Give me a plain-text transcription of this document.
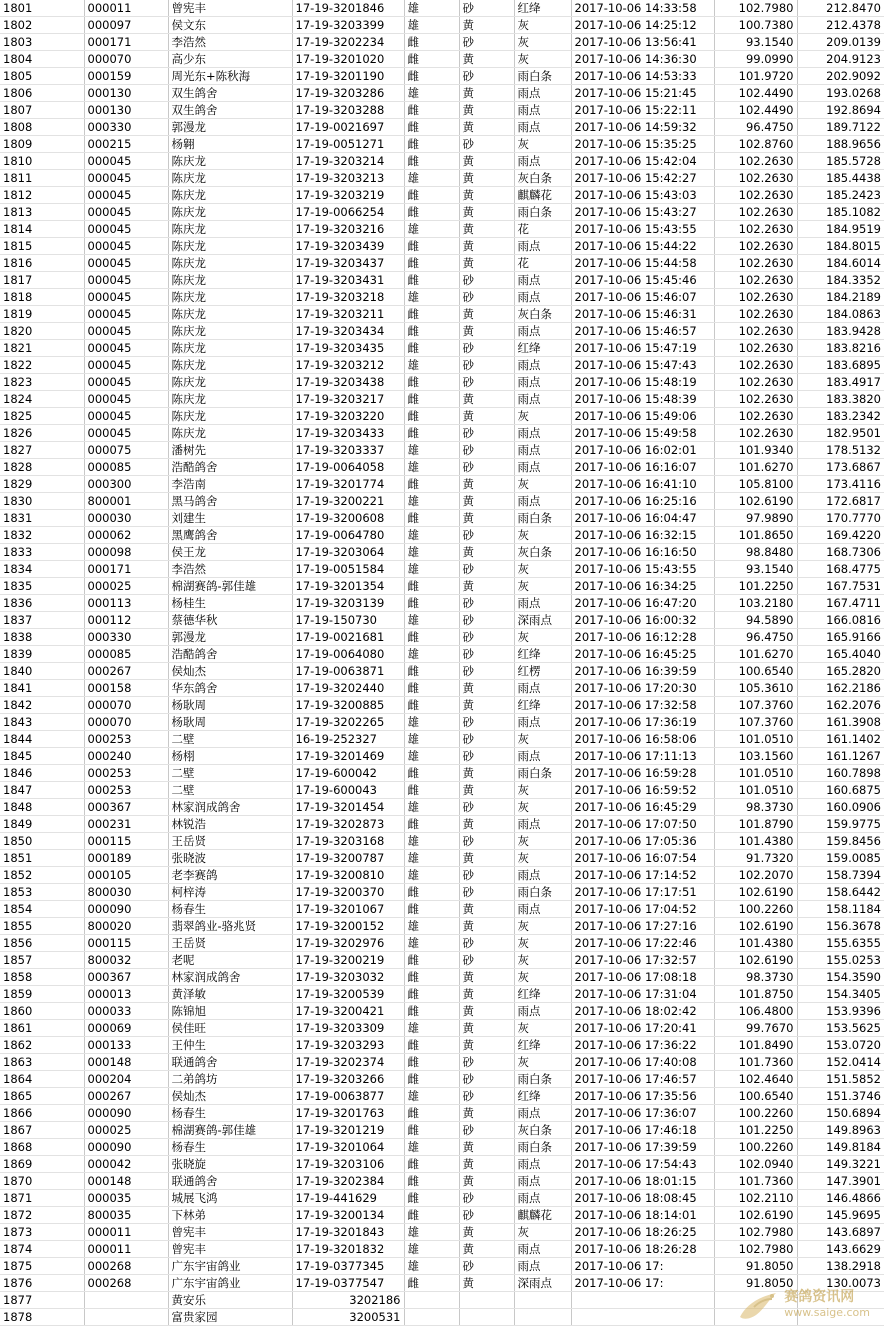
1801	000011	曾宪丰	17-19-3201846	雄	砂	红绛	2017-10-06 14:33:58	102.7980	212.8470
1802	000097	侯文东	17-19-3203399	雄	黄	灰	2017-10-06 14:25:12	100.7380	212.4378
1803	000171	李浩然	17-19-3202234	雌	砂	灰	2017-10-06 13:56:41	93.1540	209.0139
1804	000070	高少东	17-19-3201020	雌	黄	灰	2017-10-06 14:36:30	99.0990	204.9123
1805	000159	周光东+陈秋海	17-19-3201190	雌	砂	雨白条	2017-10-06 14:53:33	101.9720	202.9092
1806	000130	双生鸽舍	17-19-3203286	雄	黄	雨点	2017-10-06 15:21:45	102.4490	193.0268
1807	000130	双生鸽舍	17-19-3203288	雌	黄	雨点	2017-10-06 15:22:11	102.4490	192.8694
1808	000330	郭漫龙	17-19-0021697	雌	黄	雨点	2017-10-06 14:59:32	96.4750	189.7122
1809	000215	杨翱	17-19-0051271	雌	砂	灰	2017-10-06 15:35:25	102.8760	188.9656
1810	000045	陈庆龙	17-19-3203214	雌	黄	雨点	2017-10-06 15:42:04	102.2630	185.5728
1811	000045	陈庆龙	17-19-3203213	雄	黄	灰白条	2017-10-06 15:42:27	102.2630	185.4438
1812	000045	陈庆龙	17-19-3203219	雌	黄	麒麟花	2017-10-06 15:43:03	102.2630	185.2423
1813	000045	陈庆龙	17-19-0066254	雌	黄	雨白条	2017-10-06 15:43:27	102.2630	185.1082
1814	000045	陈庆龙	17-19-3203216	雄	黄	花	2017-10-06 15:43:55	102.2630	184.9519
1815	000045	陈庆龙	17-19-3203439	雌	黄	雨点	2017-10-06 15:44:22	102.2630	184.8015
1816	000045	陈庆龙	17-19-3203437	雌	黄	花	2017-10-06 15:44:58	102.2630	184.6014
1817	000045	陈庆龙	17-19-3203431	雌	砂	雨点	2017-10-06 15:45:46	102.2630	184.3352
1818	000045	陈庆龙	17-19-3203218	雄	砂	雨点	2017-10-06 15:46:07	102.2630	184.2189
1819	000045	陈庆龙	17-19-3203211	雌	黄	灰白条	2017-10-06 15:46:31	102.2630	184.0863
1820	000045	陈庆龙	17-19-3203434	雌	黄	雨点	2017-10-06 15:46:57	102.2630	183.9428
1821	000045	陈庆龙	17-19-3203435	雌	砂	红绛	2017-10-06 15:47:19	102.2630	183.8216
1822	000045	陈庆龙	17-19-3203212	雄	砂	雨点	2017-10-06 15:47:43	102.2630	183.6895
1823	000045	陈庆龙	17-19-3203438	雌	砂	雨点	2017-10-06 15:48:19	102.2630	183.4917
1824	000045	陈庆龙	17-19-3203217	雌	黄	雨点	2017-10-06 15:48:39	102.2630	183.3820
1825	000045	陈庆龙	17-19-3203220	雌	黄	灰	2017-10-06 15:49:06	102.2630	183.2342
1826	000045	陈庆龙	17-19-3203433	雌	砂	雨点	2017-10-06 15:49:58	102.2630	182.9501
1827	000075	潘树先	17-19-3203337	雄	砂	雨点	2017-10-06 16:02:01	101.9340	178.5132
1828	000085	浩酷鸽舍	17-19-0064058	雄	砂	雨点	2017-10-06 16:16:07	101.6270	173.6867
1829	000300	李浩南	17-19-3201774	雌	黄	灰	2017-10-06 16:41:10	105.8100	173.4116
1830	800001	黑马鸽舍	17-19-3200221	雄	黄	雨点	2017-10-06 16:25:16	102.6190	172.6817
1831	000030	刘建生	17-19-3200608	雌	黄	雨白条	2017-10-06 16:04:47	97.9890	170.7770
1832	000062	黑鹰鸽舍	17-19-0064780	雄	砂	灰	2017-10-06 16:32:15	101.8650	169.4220
1833	000098	侯王龙	17-19-3203064	雄	黄	灰白条	2017-10-06 16:16:50	98.8480	168.7306
1834	000171	李浩然	17-19-0051584	雄	砂	灰	2017-10-06 15:43:55	93.1540	168.4775
1835	000025	棉湖赛鸽-郭佳雄	17-19-3201354	雌	黄	灰	2017-10-06 16:34:25	101.2250	167.7531
1836	000113	杨桂生	17-19-3203139	雌	砂	雨点	2017-10-06 16:47:20	103.2180	167.4711
1837	000112	蔡德华秋	17-19-150730	雄	砂	深雨点	2017-10-06 16:00:32	94.5890	166.0816
1838	000330	郭漫龙	17-19-0021681	雌	砂	灰	2017-10-06 16:12:28	96.4750	165.9166
1839	000085	浩酷鸽舍	17-19-0064080	雄	砂	红绛	2017-10-06 16:45:25	101.6270	165.4040
1840	000267	侯灿杰	17-19-0063871	雌	砂	红楞	2017-10-06 16:39:59	100.6540	165.2820
1841	000158	华东鸽舍	17-19-3202440	雌	黄	雨点	2017-10-06 17:20:30	105.3610	162.2186
1842	000070	杨耿周	17-19-3200885	雌	黄	红绛	2017-10-06 17:32:58	107.3760	162.2076
1843	000070	杨耿周	17-19-3202265	雄	砂	雨点	2017-10-06 17:36:19	107.3760	161.3908
1844	000253	二壁	16-19-252327	雄	砂	灰	2017-10-06 16:58:06	101.0510	161.1402
1845	000240	杨栩	17-19-3201469	雄	砂	雨点	2017-10-06 17:11:13	103.1560	161.1267
1846	000253	二壁	17-19-600042	雌	黄	雨白条	2017-10-06 16:59:28	101.0510	160.7898
1847	000253	二壁	17-19-600043	雌	黄	灰	2017-10-06 16:59:52	101.0510	160.6875
1848	000367	林家润成鸽舍	17-19-3201454	雄	砂	灰	2017-10-06 16:45:29	98.3730	160.0906
1849	000231	林锐浩	17-19-3202873	雌	黄	雨点	2017-10-06 17:07:50	101.8790	159.9775
1850	000115	王岳贤	17-19-3203168	雄	砂	灰	2017-10-06 17:05:36	101.4380	159.8456
1851	000189	张晓波	17-19-3200787	雄	黄	灰	2017-10-06 16:07:54	91.7320	159.0085
1852	000105	老李赛鸽	17-19-3200810	雄	砂	雨点	2017-10-06 17:14:52	102.2070	158.7394
1853	800030	柯梓涛	17-19-3200370	雌	砂	雨白条	2017-10-06 17:17:51	102.6190	158.6442
1854	000090	杨春生	17-19-3201067	雌	黄	雨点	2017-10-06 17:04:52	100.2260	158.1184
1855	800020	翡翠鸽业-骆兆贤	17-19-3200152	雄	黄	灰	2017-10-06 17:27:16	102.6190	156.3678
1856	000115	王岳贤	17-19-3202976	雄	砂	灰	2017-10-06 17:22:46	101.4380	155.6355
1857	800032	老呢	17-19-3200219	雌	砂	灰	2017-10-06 17:32:57	102.6190	155.0253
1858	000367	林家润成鸽舍	17-19-3203032	雌	黄	灰	2017-10-06 17:08:18	98.3730	154.3590
1859	000013	黄泽敏	17-19-3200539	雌	黄	红绛	2017-10-06 17:31:04	101.8750	154.3405
1860	000033	陈锦旭	17-19-3200421	雌	黄	雨点	2017-10-06 18:02:42	106.4800	153.9396
1861	000069	侯佳旺	17-19-3203309	雄	黄	灰	2017-10-06 17:20:41	99.7670	153.5625
1862	000133	王仲生	17-19-3203293	雌	黄	红绛	2017-10-06 17:36:22	101.8490	153.0720
1863	000148	联通鸽舍	17-19-3202374	雌	砂	灰	2017-10-06 17:40:08	101.7360	152.0414
1864	000204	二弟鸽坊	17-19-3203266	雌	砂	雨白条	2017-10-06 17:46:57	102.4640	151.5852
1865	000267	侯灿杰	17-19-0063877	雄	砂	红绛	2017-10-06 17:35:56	100.6540	151.3746
1866	000090	杨春生	17-19-3201763	雌	黄	雨点	2017-10-06 17:36:07	100.2260	150.6894
1867	000025	棉湖赛鸽-郭佳雄	17-19-3201219	雌	砂	灰白条	2017-10-06 17:46:18	101.2250	149.8963
1868	000090	杨春生	17-19-3201064	雄	黄	雨白条	2017-10-06 17:39:59	100.2260	149.8184
1869	000042	张晓旋	17-19-3203106	雌	黄	雨点	2017-10-06 17:54:43	102.0940	149.3221
1870	000148	联通鸽舍	17-19-3202384	雌	黄	雨点	2017-10-06 18:01:15	101.7360	147.3901
1871	000035	城展飞鸿	17-19-441629	雌	砂	雨点	2017-10-06 18:08:45	102.2110	146.4866
1872	800035	下林弟	17-19-3200134	雌	砂	麒麟花	2017-10-06 18:14:01	102.6190	145.9695
1873	000011	曾宪丰	17-19-3201843	雄	黄	灰	2017-10-06 18:26:25	102.7980	143.6897
1874	000011	曾宪丰	17-19-3201832	雄	黄	雨点	2017-10-06 18:26:28	102.7980	143.6629
1875	000268	广东宇宙鸽业	17-19-0377345	雄	砂	雨点	2017-10-06 17:	91.8050	138.2918
1876	000268	广东宇宙鸽业	17-19-0377547	雌	黄	深雨点	2017-10-06 17:	91.8050	130.0073
1877		黄安乐	3202186						
1878		富贵家园	3200531						
赛鸽资讯网
www.saige.com
